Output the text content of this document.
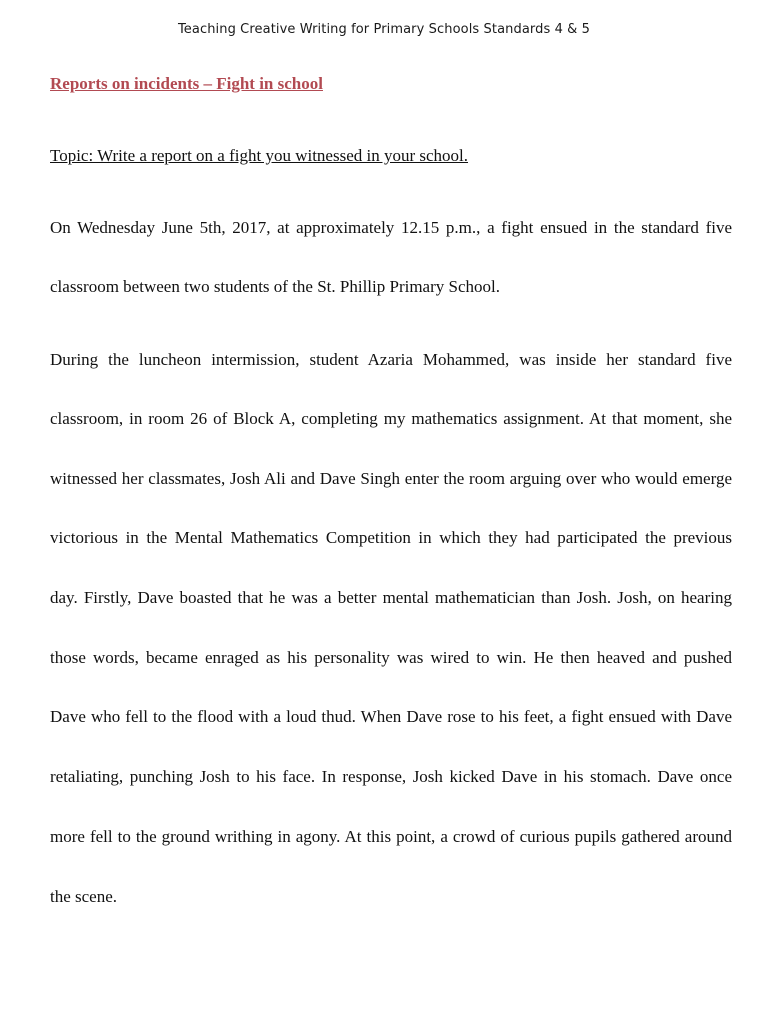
Teaching Creative Writing for Primary Schools Standards 4 & 5
Reports on incidents – Fight in school
Topic: Write a report on a fight you witnessed in your school.
On Wednesday June 5th, 2017, at approximately 12.15 p.m., a fight ensued in the standard five
classroom between two students of the St. Phillip Primary School.
During the luncheon intermission, student Azaria Mohammed, was inside her standard five
classroom, in room 26 of Block A, completing my mathematics assignment. At that moment, she
witnessed her classmates, Josh Ali and Dave Singh enter the room arguing over who would emerge
victorious in the Mental Mathematics Competition in which they had participated the previous
day. Firstly, Dave boasted that he was a better mental mathematician than Josh. Josh, on hearing
those words, became enraged as his personality was wired to win. He then heaved and pushed
Dave who fell to the flood with a loud thud. When Dave rose to his feet, a fight ensued with Dave
retaliating, punching Josh to his face. In response, Josh kicked Dave in his stomach. Dave once
more fell to the ground writhing in agony. At this point, a crowd of curious pupils gathered around
the scene.
